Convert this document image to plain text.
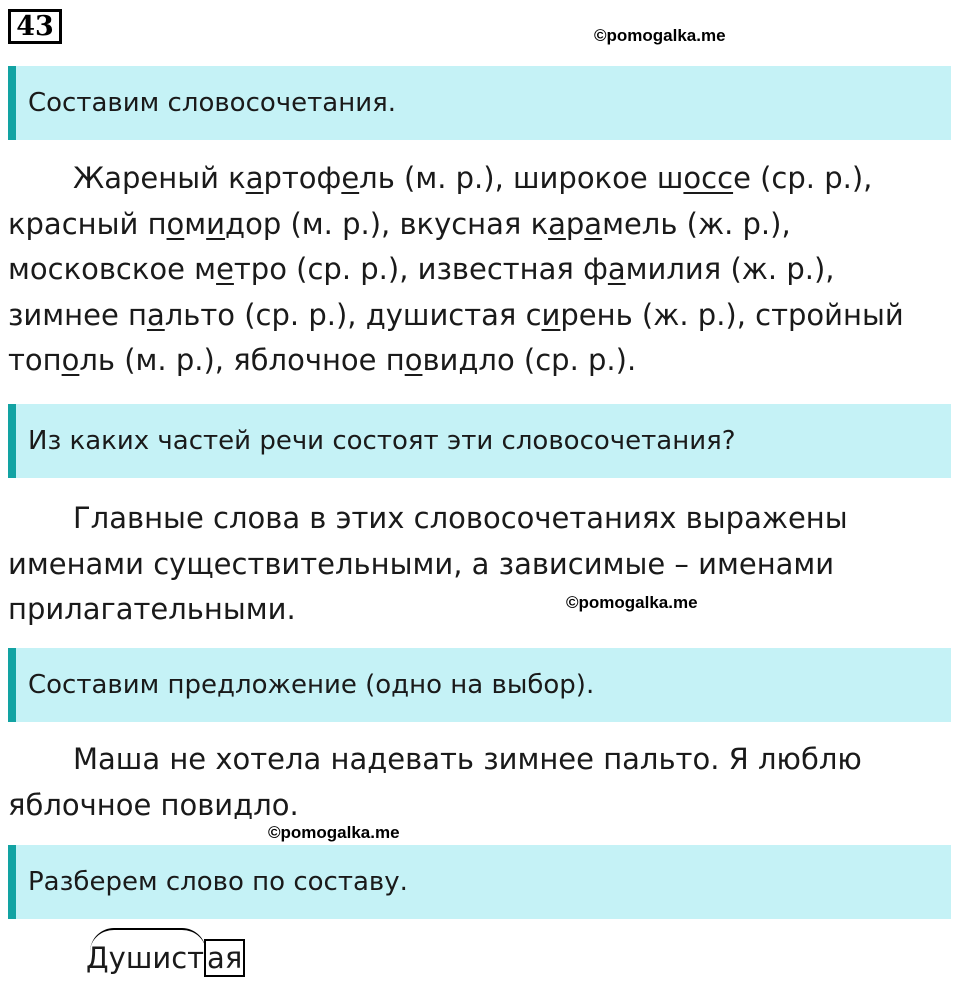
43	©pomogalka.me
Составим словосочетания.
Жареный картофель (м. р.), широкое шоссе (ср. р.),
красный помидор (м. р.), вкусная карамель (ж. р.),
московское метро (ср. р.), известная фамилия (ж. р.),
зимнее пальто (ср. р.), душистая сирень (ж. р.), стройный
тополь (м. р.), яблочное повидло (ср. р.).
Из каких частей речи состоят эти словосочетания?
Главные слова в этих словосочетаниях выражены
именами существительными, а зависимые – именами
прилагательными.	©pomogalka.me
Составим предложение (одно на выбор).
Маша не хотела надевать зимнее пальто. Я люблю
яблочное повидло.
©pomogalka.me
Разберем слово по составу.
Душист ая
